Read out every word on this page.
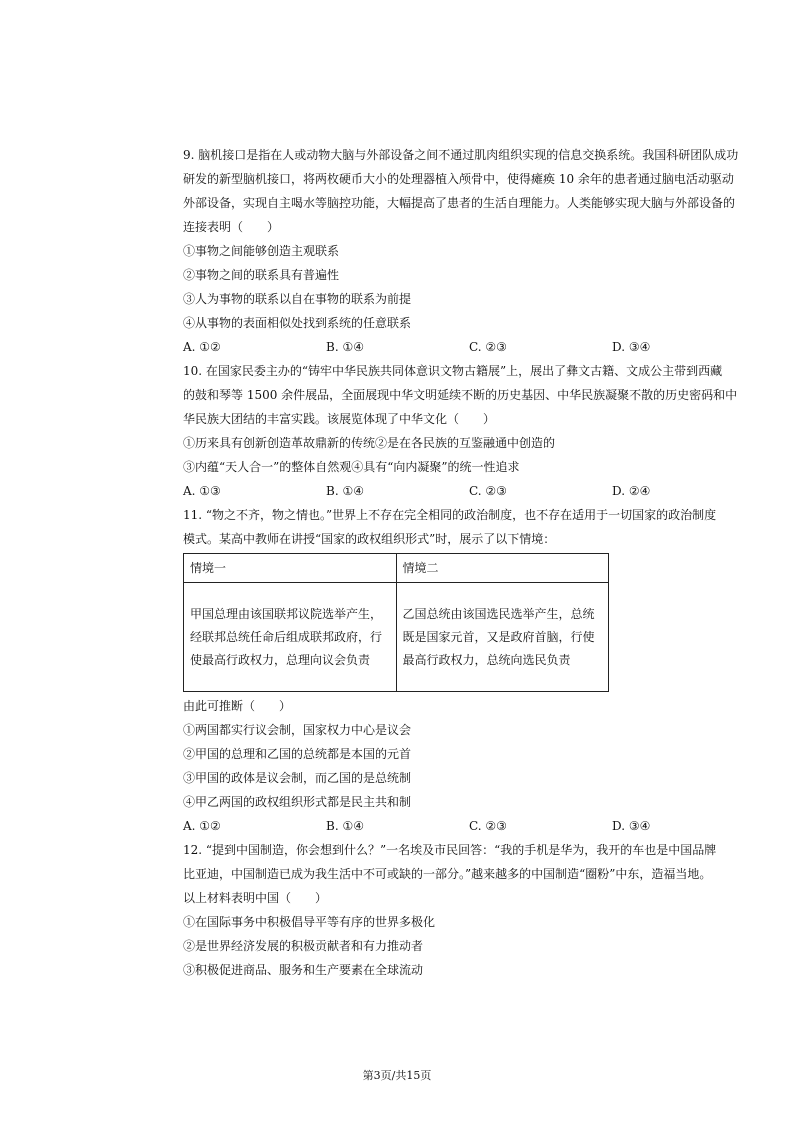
9. 脑机接口是指在人或动物大脑与外部设备之间不通过肌肉组织实现的信息交换系统。我国科研团队成功
研发的新型脑机接口，将两枚硬币大小的处理器植入颅骨中，使得瘫痪 10 余年的患者通过脑电活动驱动
外部设备，实现自主喝水等脑控功能，大幅提高了患者的生活自理能力。人类能够实现大脑与外部设备的
连接表明（　　）
①事物之间能够创造主观联系
②事物之间的联系具有普遍性
③人为事物的联系以自在事物的联系为前提
④从事物的表面相似处找到系统的任意联系
A. ①②	B. ①④	C. ②③	D. ③④
10. 在国家民委主办的“铸牢中华民族共同体意识文物古籍展”上，展出了彝文古籍、文成公主带到西藏
的鼓和琴等 1500 余件展品，全面展现中华文明延续不断的历史基因、中华民族凝聚不散的历史密码和中
华民族大团结的丰富实践。该展览体现了中华文化（　　）
①历来具有创新创造革故鼎新的传统②是在各民族的互鉴融通中创造的
③内蕴“天人合一”的整体自然观④具有“向内凝聚”的统一性追求
A. ①③	B. ①④	C. ②③	D. ②④
11. “物之不齐，物之情也。”世界上不存在完全相同的政治制度，也不存在适用于一切国家的政治制度
模式。某高中教师在讲授“国家的政权组织形式”时，展示了以下情境：
情境一	情境二
甲国总理由该国联邦议院选举产生，经联邦总统任命后组成联邦政府，行使最高行政权力，总理向议会负责	乙国总统由该国选民选举产生，总统既是国家元首，又是政府首脑，行使最高行政权力，总统向选民负责
由此可推断（　　）
①两国都实行议会制，国家权力中心是议会
②甲国的总理和乙国的总统都是本国的元首
③甲国的政体是议会制，而乙国的是总统制
④甲乙两国的政权组织形式都是民主共和制
A. ①②	B. ①④	C. ②③	D. ③④
12. “提到中国制造，你会想到什么？”一名埃及市民回答：“我的手机是华为，我开的车也是中国品牌
比亚迪，中国制造已成为我生活中不可或缺的一部分。”越来越多的中国制造“圈粉”中东，造福当地。
以上材料表明中国（　　）
①在国际事务中积极倡导平等有序的世界多极化
②是世界经济发展的积极贡献者和有力推动者
③积极促进商品、服务和生产要素在全球流动
第3页/共15页
